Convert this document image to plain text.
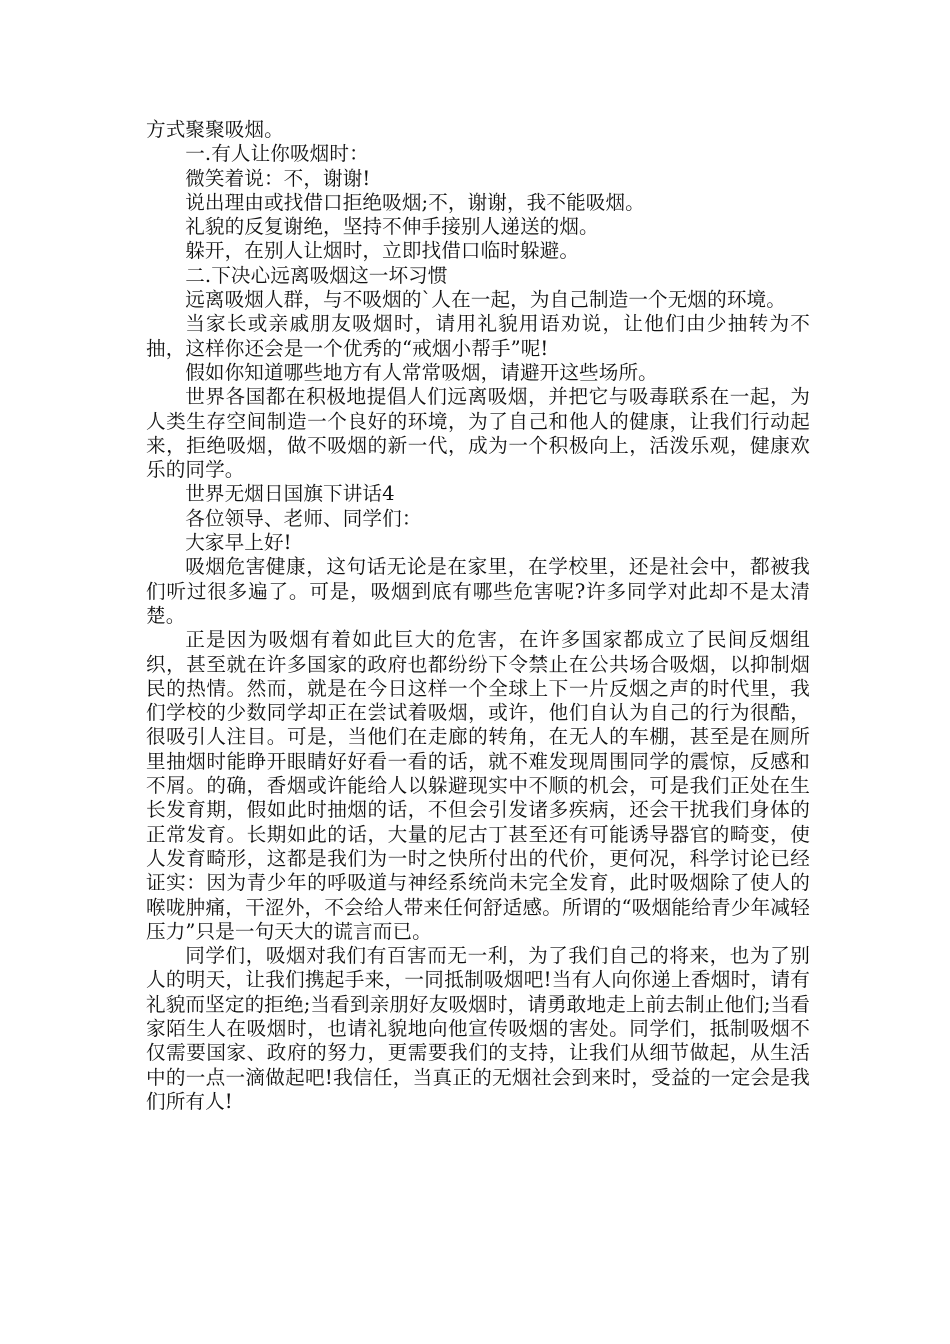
方式聚聚吸烟。

一.有人让你吸烟时：

微笑着说：不，谢谢!

说出理由或找借口拒绝吸烟;不，谢谢，我不能吸烟。

礼貌的反复谢绝，坚持不伸手接别人递送的烟。

躲开，在别人让烟时，立即找借口临时躲避。

二.下决心远离吸烟这一坏习惯

远离吸烟人群，与不吸烟的`人在一起，为自己制造一个无烟的环境。

当家长或亲戚朋友吸烟时，请用礼貌用语劝说，让他们由少抽转为不抽，这样你还会是一个优秀的“戒烟小帮手”呢!

假如你知道哪些地方有人常常吸烟，请避开这些场所。

世界各国都在积极地提倡人们远离吸烟，并把它与吸毒联系在一起，为人类生存空间制造一个良好的环境，为了自己和他人的健康，让我们行动起来，拒绝吸烟，做不吸烟的新一代，成为一个积极向上，活泼乐观，健康欢乐的同学。

世界无烟日国旗下讲话4

各位领导、老师、同学们：

大家早上好!

吸烟危害健康，这句话无论是在家里，在学校里，还是社会中，都被我们听过很多遍了。可是，吸烟到底有哪些危害呢?许多同学对此却不是太清楚。

正是因为吸烟有着如此巨大的危害，在许多国家都成立了民间反烟组织，甚至就在许多国家的政府也都纷纷下令禁止在公共场合吸烟，以抑制烟民的热情。然而，就是在今日这样一个全球上下一片反烟之声的时代里，我们学校的少数同学却正在尝试着吸烟，或许，他们自认为自己的行为很酷，很吸引人注目。可是，当他们在走廊的转角，在无人的车棚，甚至是在厕所里抽烟时能睁开眼睛好好看一看的话，就不难发现周围同学的震惊，反感和不屑。的确，香烟或许能给人以躲避现实中不顺的机会，可是我们正处在生长发育期，假如此时抽烟的话，不但会引发诸多疾病，还会干扰我们身体的正常发育。长期如此的话，大量的尼古丁甚至还有可能诱导器官的畸变，使人发育畸形，这都是我们为一时之快所付出的代价，更何况，科学讨论已经证实：因为青少年的呼吸道与神经系统尚未完全发育，此时吸烟除了使人的喉咙肿痛，干涩外，不会给人带来任何舒适感。所谓的“吸烟能给青少年减轻压力”只是一句天大的谎言而已。

同学们，吸烟对我们有百害而无一利，为了我们自己的将来，也为了别人的明天，让我们携起手来，一同抵制吸烟吧!当有人向你递上香烟时，请有礼貌而坚定的拒绝;当看到亲朋好友吸烟时，请勇敢地走上前去制止他们;当看家陌生人在吸烟时，也请礼貌地向他宣传吸烟的害处。同学们，抵制吸烟不仅需要国家、政府的努力，更需要我们的支持，让我们从细节做起，从生活中的一点一滴做起吧!我信任，当真正的无烟社会到来时，受益的一定会是我们所有人!
